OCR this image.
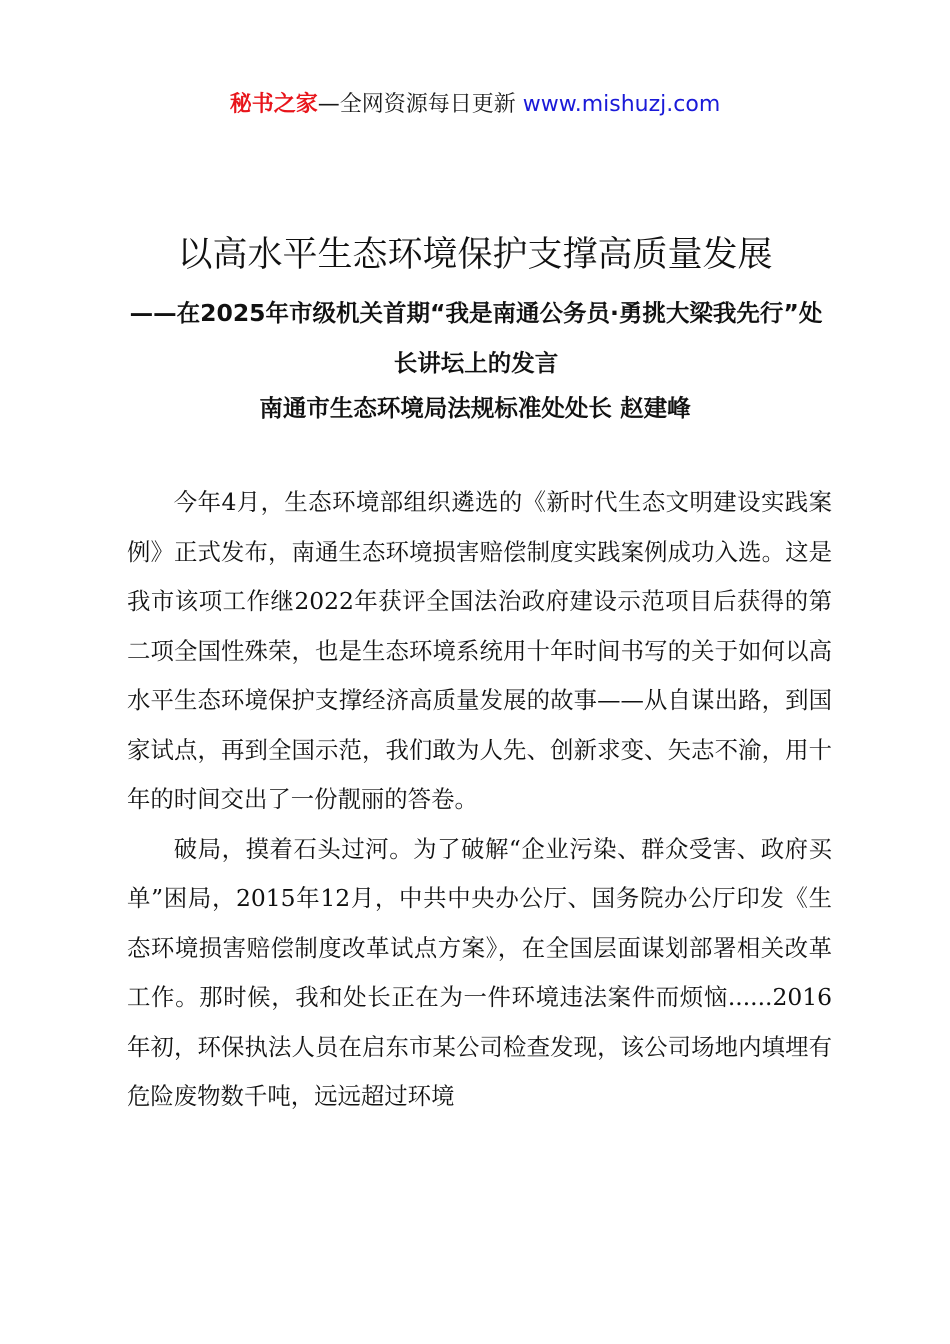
秘书之家—全网资源每日更新 www.mishuzj.com
以高水平生态环境保护支撑高质量发展
——在2025年市级机关首期“我是南通公务员·勇挑大梁我先行”处长讲坛上的发言
南通市生态环境局法规标准处处长 赵建峰

今年4月，生态环境部组织遴选的《新时代生态文明建设实践案例》正式发布，南通生态环境损害赔偿制度实践案例成功入选。这是我市该项工作继2022年获评全国法治政府建设示范项目后获得的第二项全国性殊荣，也是生态环境系统用十年时间书写的关于如何以高水平生态环境保护支撑经济高质量发展的故事——从自谋出路，到国家试点，再到全国示范，我们敢为人先、创新求变、矢志不渝，用十年的时间交出了一份靓丽的答卷。

破局，摸着石头过河。为了破解“企业污染、群众受害、政府买单”困局，2015年12月，中共中央办公厅、国务院办公厅印发《生态环境损害赔偿制度改革试点方案》，在全国层面谋划部署相关改革工作。那时候，我和处长正在为一件环境违法案件而烦恼......2016年初，环保执法人员在启东市某公司检查发现，该公司场地内填埋有危险废物数千吨，远远超过环境
